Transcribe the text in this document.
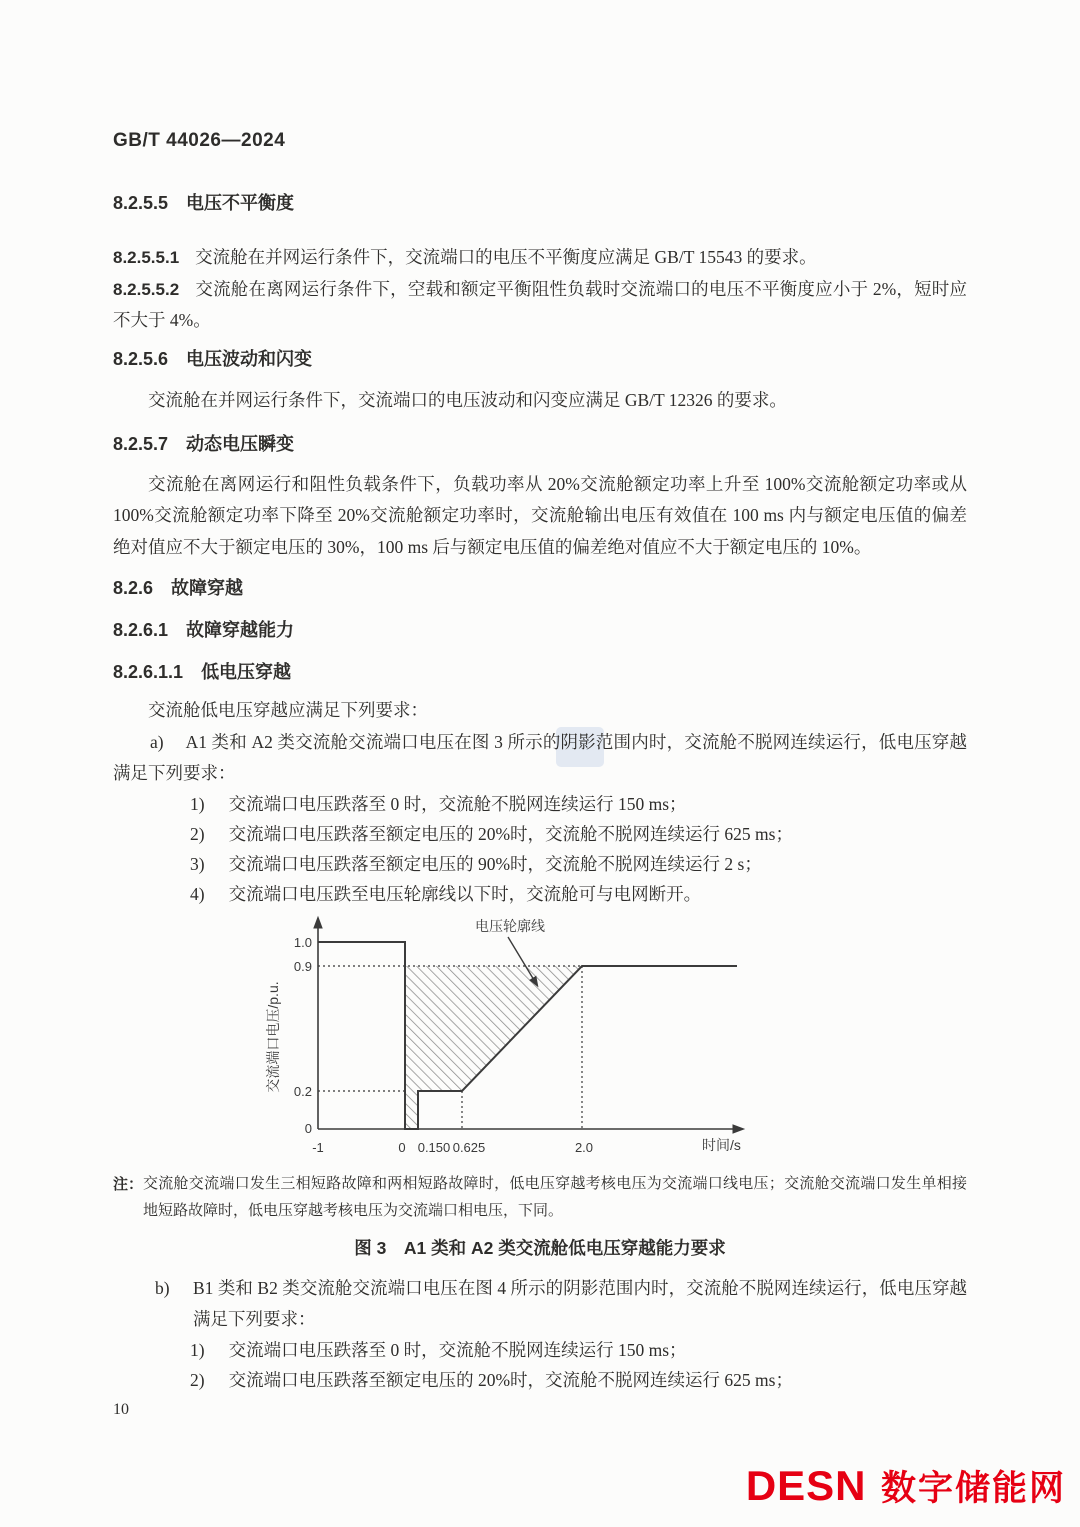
GB/T 44026—2024
8.2.5.5 电压不平衡度
8.2.5.5.1 交流舱在并网运行条件下，交流端口的电压不平衡度应满足 GB/T 15543 的要求。
8.2.5.5.2 交流舱在离网运行条件下，空载和额定平衡阻性负载时交流端口的电压不平衡度应小于 2%，短时应不大于 4%。
8.2.5.6 电压波动和闪变
交流舱在并网运行条件下，交流端口的电压波动和闪变应满足 GB/T 12326 的要求。
8.2.5.7 动态电压瞬变
交流舱在离网运行和阻性负载条件下，负载功率从 20%交流舱额定功率上升至 100%交流舱额定功率或从 100%交流舱额定功率下降至 20%交流舱额定功率时，交流舱输出电压有效值在 100 ms 内与额定电压值的偏差绝对值应不大于额定电压的 30%，100 ms 后与额定电压值的偏差绝对值应不大于额定电压的 10%。
8.2.6 故障穿越
8.2.6.1 故障穿越能力
8.2.6.1.1 低电压穿越
交流舱低电压穿越应满足下列要求：
a) A1 类和 A2 类交流舱交流端口电压在图 3 所示的阴影范围内时，交流舱不脱网连续运行，低电压穿越满足下列要求：
1) 交流端口电压跌落至 0 时，交流舱不脱网连续运行 150 ms；
2) 交流端口电压跌落至额定电压的 20%时，交流舱不脱网连续运行 625 ms；
3) 交流端口电压跌落至额定电压的 90%时，交流舱不脱网连续运行 2 s；
4) 交流端口电压跌至电压轮廓线以下时，交流舱可与电网断开。
电压轮廓线
1.0
0.9
0.2
0
-1	0 0.150 0.625	2.0	时间/s
交流端口电压/p.u.
注： 交流舱交流端口发生三相短路故障和两相短路故障时，低电压穿越考核电压为交流端口线电压；交流舱交流端口发生单相接地短路故障时，低电压穿越考核电压为交流端口相电压，下同。
图 3　A1 类和 A2 类交流舱低电压穿越能力要求
b)	B1 类和 B2 类交流舱交流端口电压在图 4 所示的阴影范围内时，交流舱不脱网连续运行，低电压穿越满足下列要求：
1) 交流端口电压跌落至 0 时，交流舱不脱网连续运行 150 ms；
2) 交流端口电压跌落至额定电压的 20%时，交流舱不脱网连续运行 625 ms；
10
DESN 数字储能网
